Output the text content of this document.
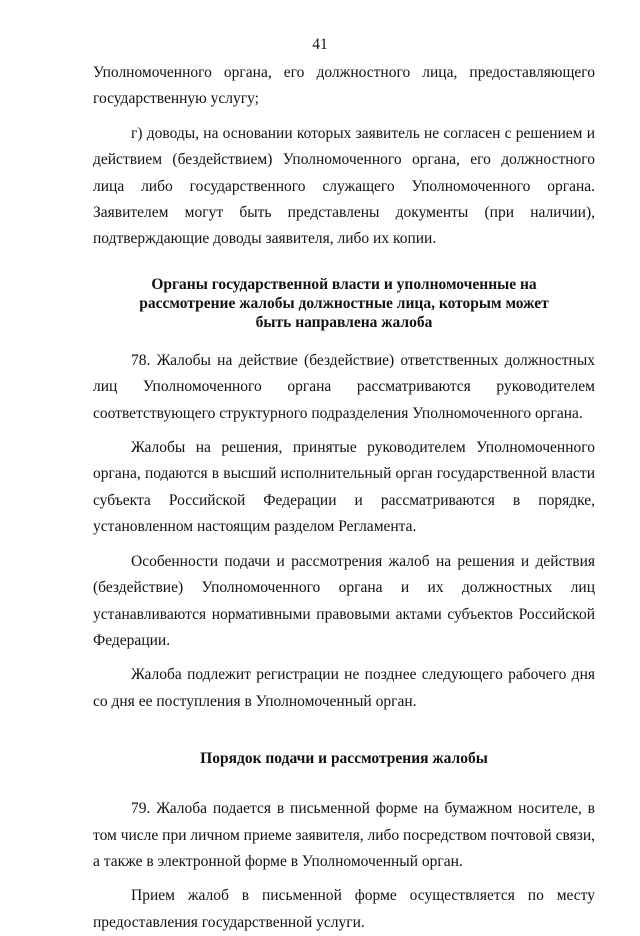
41

Уполномоченного органа, его должностного лица, предоставляющего государственную услугу;

г) доводы, на основании которых заявитель не согласен с решением и действием (бездействием) Уполномоченного органа, его должностного лица либо государственного служащего Уполномоченного органа. Заявителем могут быть представлены документы (при наличии), подтверждающие доводы заявителя, либо их копии.

Органы государственной власти и уполномоченные на рассмотрение жалобы должностные лица, которым может быть направлена жалоба

78. Жалобы на действие (бездействие) ответственных должностных лиц Уполномоченного органа рассматриваются руководителем соответствующего структурного подразделения Уполномоченного органа.

Жалобы на решения, принятые руководителем Уполномоченного органа, подаются в высший исполнительный орган государственной власти субъекта Российской Федерации и рассматриваются в порядке, установленном настоящим разделом Регламента.

Особенности подачи и рассмотрения жалоб на решения и действия (бездействие) Уполномоченного органа и их должностных лиц устанавливаются нормативными правовыми актами субъектов Российской Федерации.

Жалоба подлежит регистрации не позднее следующего рабочего дня со дня ее поступления в Уполномоченный орган.

Порядок подачи и рассмотрения жалобы

79. Жалоба подается в письменной форме на бумажном носителе, в том числе при личном приеме заявителя, либо посредством почтовой связи, а также в электронной форме в Уполномоченный орган.

Прием жалоб в письменной форме осуществляется по месту предоставления государственной услуги.
